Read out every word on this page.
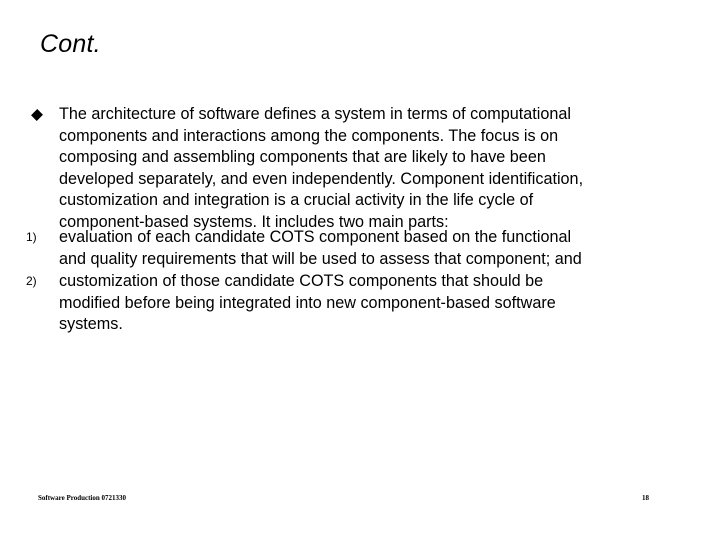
Cont.
The architecture of software defines a system in terms of computational
components and interactions among the components. The focus is on
composing and assembling components that are likely to have been
developed separately, and even independently. Component identification,
customization and integration is a crucial activity in the life cycle of
component-based systems. It includes two main parts:
1)	evaluation of each candidate COTS component based on the functional
and quality requirements that will be used to assess that component; and
2)	customization of those candidate COTS components that should be
modified before being integrated into new component-based software
systems.
Software Production 0721330	18
